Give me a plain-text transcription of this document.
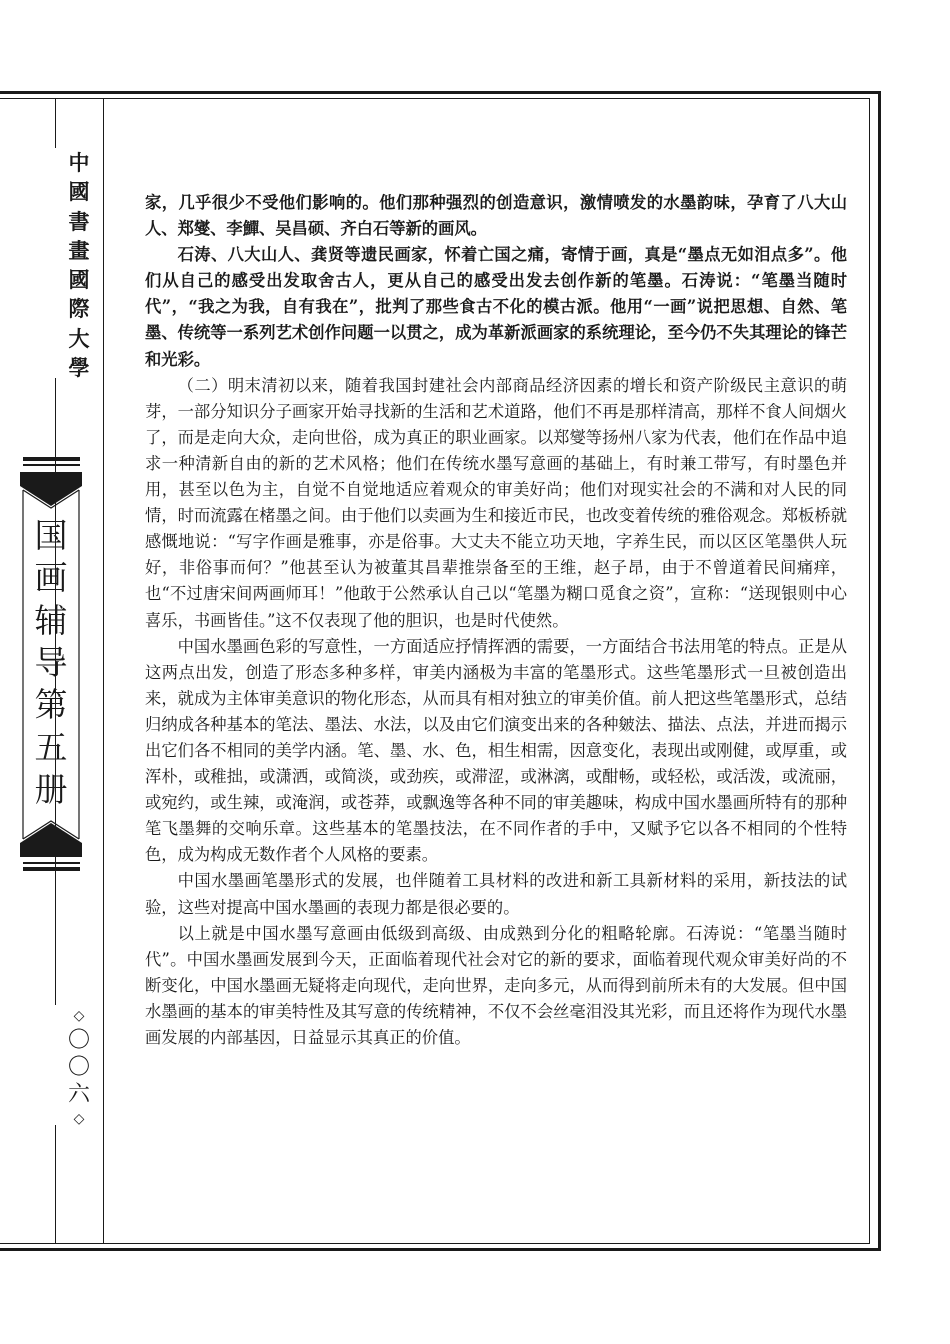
中
國
書
畫
國
際
大
學
国
画
辅
导
第
五
册
◇
〇
〇
六
◇

家，几乎很少不受他们影响的。他们那种强烈的创造意识，激情喷发的水墨韵味，孕育了八大山人、郑燮、李鱓、吴昌硕、齐白石等新的画风。

石涛、八大山人、龚贤等遗民画家，怀着亡国之痛，寄情于画，真是“墨点无如泪点多”。他们从自己的感受出发取舍古人，更从自己的感受出发去创作新的笔墨。石涛说：“笔墨当随时代”，“我之为我，自有我在”，批判了那些食古不化的模古派。他用“一画”说把思想、自然、笔墨、传统等一系列艺术创作问题一以贯之，成为革新派画家的系统理论，至今仍不失其理论的锋芒和光彩。

（二）明末清初以来，随着我国封建社会内部商品经济因素的增长和资产阶级民主意识的萌芽，一部分知识分子画家开始寻找新的生活和艺术道路，他们不再是那样清高，那样不食人间烟火了，而是走向大众，走向世俗，成为真正的职业画家。以郑燮等扬州八家为代表，他们在作品中追求一种清新自由的新的艺术风格；他们在传统水墨写意画的基础上，有时兼工带写，有时墨色并用，甚至以色为主，自觉不自觉地适应着观众的审美好尚；他们对现实社会的不满和对人民的同情，时而流露在楮墨之间。由于他们以卖画为生和接近市民，也改变着传统的雅俗观念。郑板桥就感慨地说：“写字作画是雅事，亦是俗事。大丈夫不能立功天地，字养生民，而以区区笔墨供人玩好，非俗事而何？”他甚至认为被董其昌辈推崇备至的王维，赵子昂，由于不曾道着民间痛痒，也“不过唐宋间两画师耳！”他敢于公然承认自己以“笔墨为糊口觅食之资”，宣称：“送现银则中心喜乐，书画皆佳。”这不仅表现了他的胆识，也是时代使然。

中国水墨画色彩的写意性，一方面适应抒情挥洒的需要，一方面结合书法用笔的特点。正是从这两点出发，创造了形态多种多样，审美内涵极为丰富的笔墨形式。这些笔墨形式一旦被创造出来，就成为主体审美意识的物化形态，从而具有相对独立的审美价值。前人把这些笔墨形式，总结归纳成各种基本的笔法、墨法、水法，以及由它们演变出来的各种皴法、描法、点法，并进而揭示出它们各不相同的美学内涵。笔、墨、水、色，相生相需，因意变化，表现出或刚健，或厚重，或浑朴，或稚拙，或潇洒，或简淡，或劲疾，或滞涩，或淋漓，或酣畅，或轻松，或活泼，或流丽，或宛约，或生辣，或淹润，或苍莽，或飘逸等各种不同的审美趣味，构成中国水墨画所特有的那种笔飞墨舞的交响乐章。这些基本的笔墨技法，在不同作者的手中，又赋予它以各不相同的个性特色，成为构成无数作者个人风格的要素。

中国水墨画笔墨形式的发展，也伴随着工具材料的改进和新工具新材料的采用，新技法的试验，这些对提高中国水墨画的表现力都是很必要的。

以上就是中国水墨写意画由低级到高级、由成熟到分化的粗略轮廓。石涛说：“笔墨当随时代”。中国水墨画发展到今天，正面临着现代社会对它的新的要求，面临着现代观众审美好尚的不断变化，中国水墨画无疑将走向现代，走向世界，走向多元，从而得到前所未有的大发展。但中国水墨画的基本的审美特性及其写意的传统精神，不仅不会丝毫泪没其光彩，而且还将作为现代水墨画发展的内部基因，日益显示其真正的价值。
